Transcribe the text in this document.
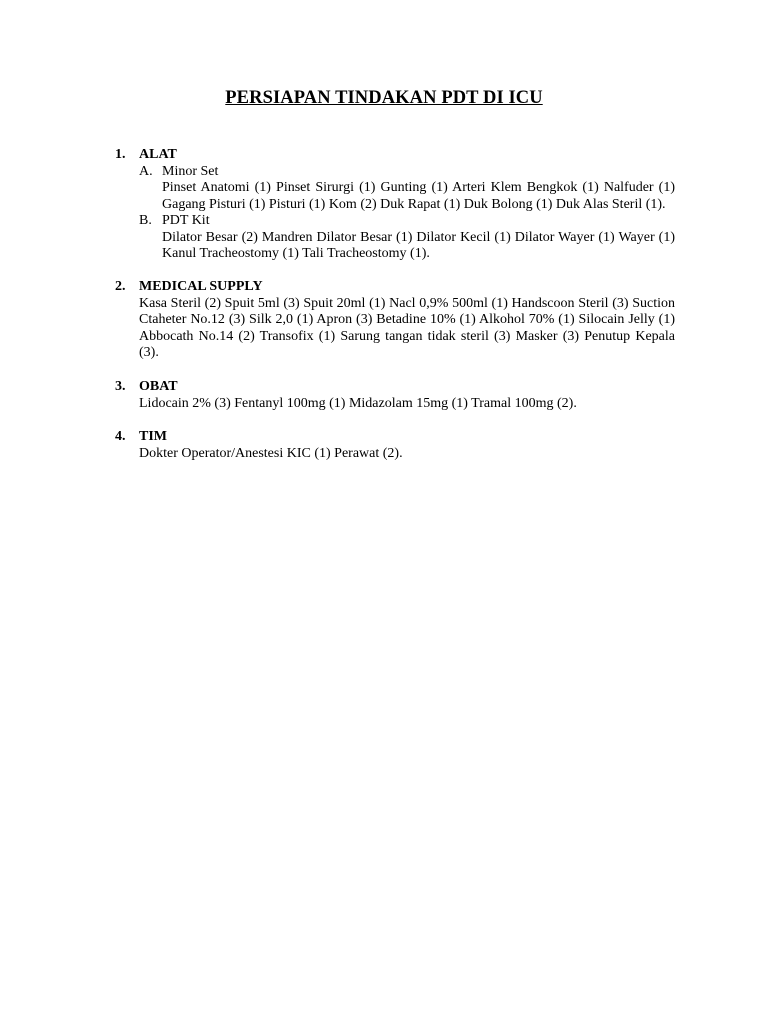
PERSIAPAN TINDAKAN PDT DI ICU
1. ALAT
A. Minor Set
Pinset Anatomi (1) Pinset Sirurgi (1) Gunting (1) Arteri Klem Bengkok (1) Nalfuder (1) Gagang Pisturi (1) Pisturi (1) Kom (2) Duk Rapat (1) Duk Bolong (1) Duk Alas Steril (1).
B. PDT Kit
Dilator Besar (2) Mandren Dilator Besar (1) Dilator Kecil (1) Dilator Wayer (1) Wayer (1) Kanul Tracheostomy (1) Tali Tracheostomy (1).
2. MEDICAL SUPPLY
Kasa Steril (2) Spuit 5ml (3) Spuit 20ml (1) Nacl 0,9% 500ml (1) Handscoon Steril (3) Suction Ctaheter No.12 (3) Silk 2,0 (1) Apron (3) Betadine 10% (1) Alkohol 70% (1) Silocain Jelly (1) Abbocath No.14 (2) Transofix (1) Sarung tangan tidak steril (3) Masker (3) Penutup Kepala (3).
3. OBAT
Lidocain 2% (3) Fentanyl 100mg (1) Midazolam 15mg (1) Tramal 100mg (2).
4. TIM
Dokter Operator/Anestesi KIC (1) Perawat (2).
